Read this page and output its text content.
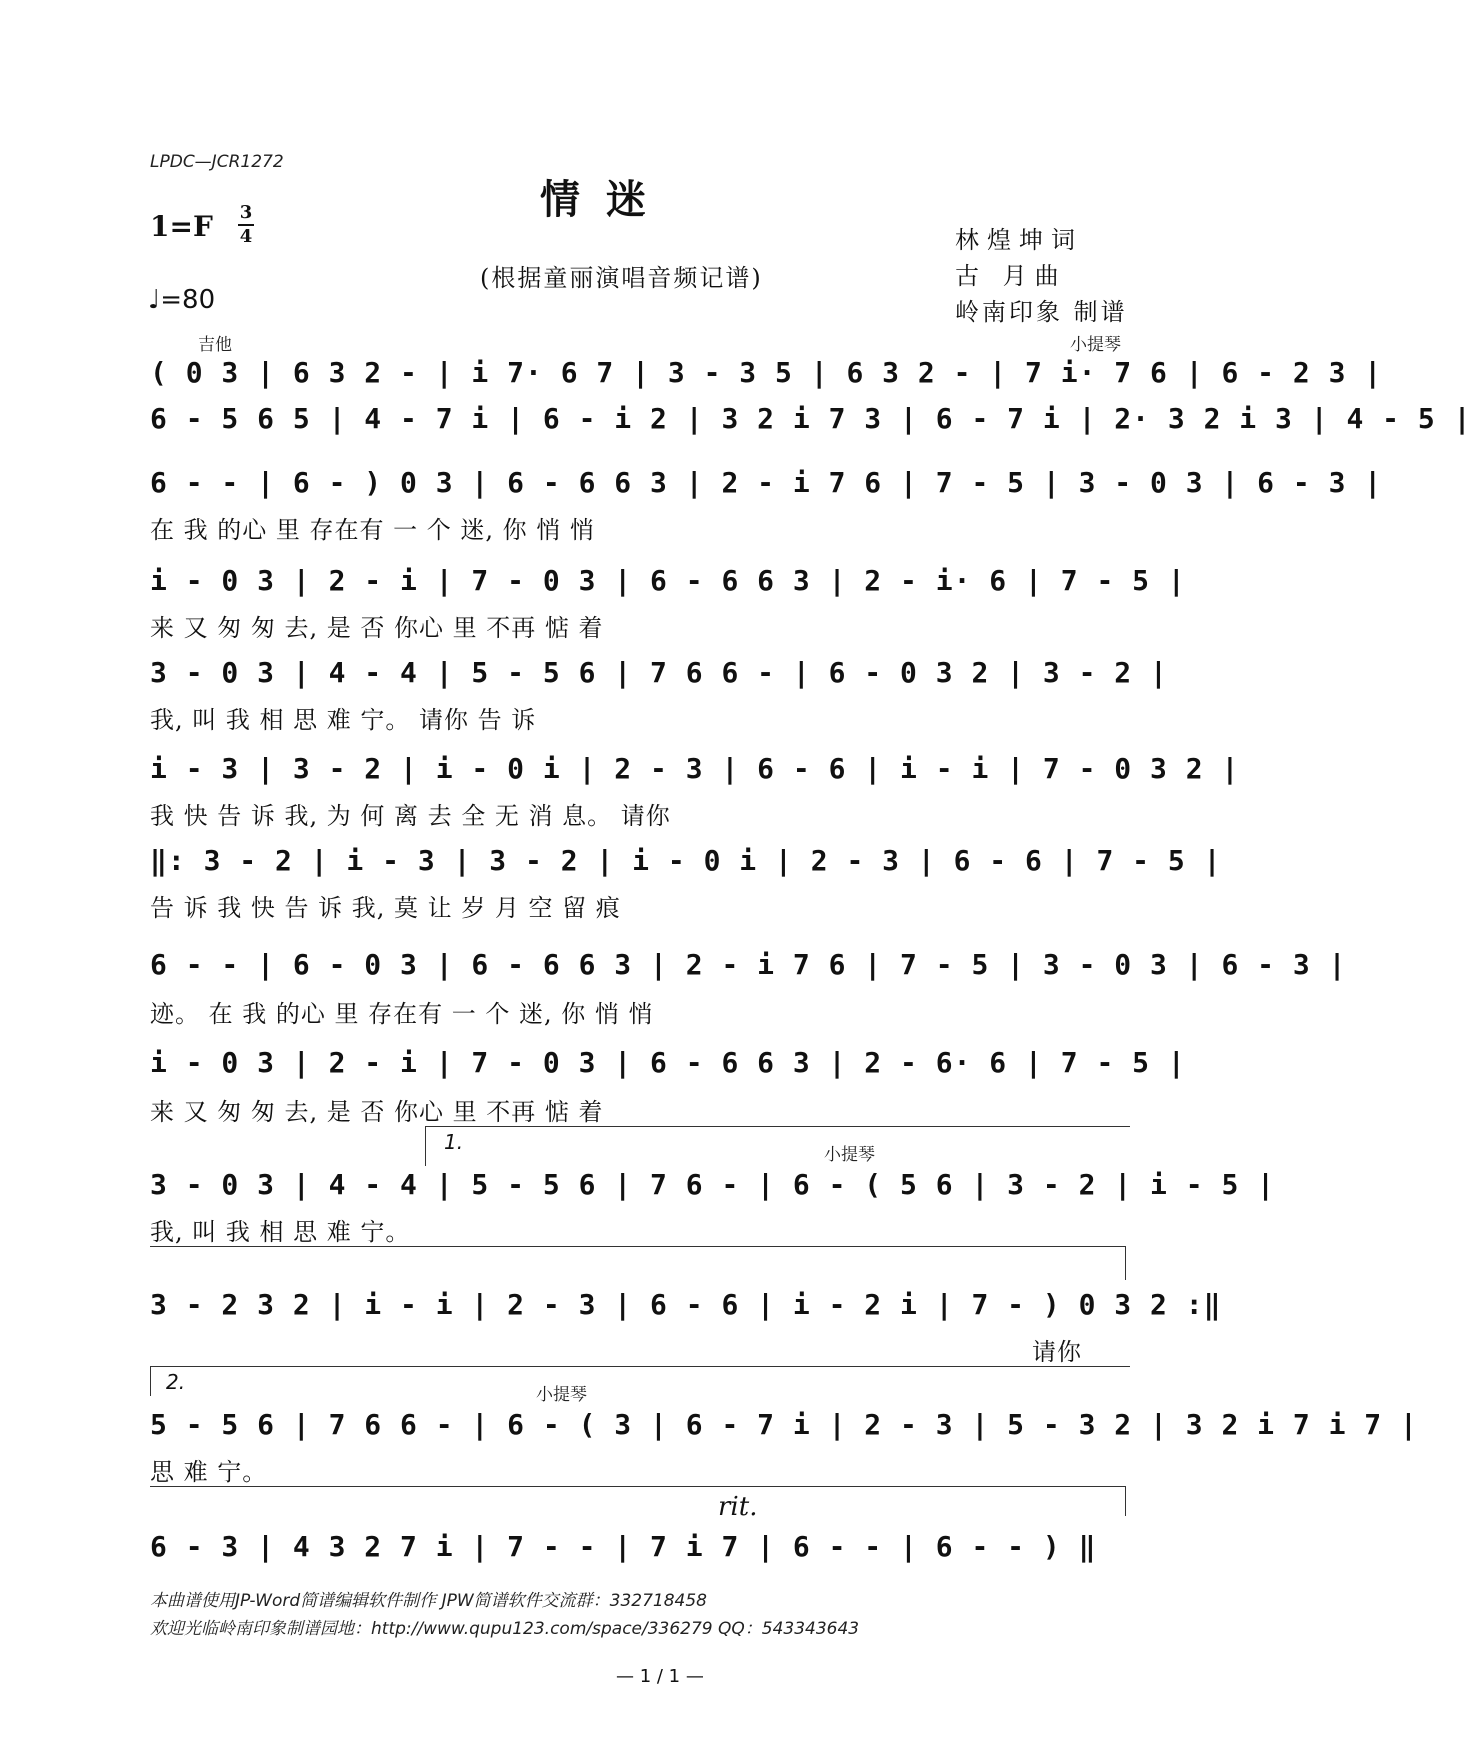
LPDC—JCR1272
情 迷
1=F 3
4
(根据童丽演唱音频记谱)
♩=80
林煌坤词
古 月曲
岭南印象 制谱
吉他	小提琴
( 0 3 | 6 3 2 - | i 7· 6 7 | 3 - 3 5 | 6 3 2 - | 7 i· 7 6 | 6 - 2 3 |
6 - 5 6 5 | 4 - 7 i | 6 - i 2 | 3 2 i 7 3 | 6 - 7 i | 2· 3 2 i 3 | 4 - 5 |
6 - - | 6 - ) 0 3 | 6 - 6 6 3 | 2 - i 7 6 | 7 - 5 | 3 - 0 3 | 6 - 3 |
在 我 的心 里 存在有 一 个 迷, 你 悄 悄
i - 0 3 | 2 - i | 7 - 0 3 | 6 - 6 6 3 | 2 - i· 6 | 7 - 5 |
来 又 匆 匆 去, 是 否 你心 里 不再 惦 着
3 - 0 3 | 4 - 4 | 5 - 5 6 | 7 6 6 - | 6 - 0 3 2 | 3 - 2 |
我, 叫 我 相 思 难 宁。 请你 告 诉
i - 3 | 3 - 2 | i - 0 i | 2 - 3 | 6 - 6 | i - i | 7 - 0 3 2 |
我 快 告 诉 我, 为 何 离 去 全 无 消 息。 请你
‖: 3 - 2 | i - 3 | 3 - 2 | i - 0 i | 2 - 3 | 6 - 6 | 7 - 5 |
告 诉 我 快 告 诉 我, 莫 让 岁 月 空 留 痕
6 - - | 6 - 0 3 | 6 - 6 6 3 | 2 - i 7 6 | 7 - 5 | 3 - 0 3 | 6 - 3 |
迹。 在 我 的心 里 存在有 一 个 迷, 你 悄 悄
i - 0 3 | 2 - i | 7 - 0 3 | 6 - 6 6 3 | 2 - 6· 6 | 7 - 5 |
来 又 匆 匆 去, 是 否 你心 里 不再 惦 着
1.
小提琴
3 - 0 3 | 4 - 4 | 5 - 5 6 | 7 6 - | 6 - ( 5 6 | 3 - 2 | i - 5 |
我, 叫 我 相 思 难 宁。
3 - 2 3 2 | i - i | 2 - 3 | 6 - 6 | i - 2 i | 7 - ) 0 3 2 :‖
请你
2.
小提琴
5 - 5 6 | 7 6 6 - | 6 - ( 3 | 6 - 7 i | 2 - 3 | 5 - 3 2 | 3 2 i 7 i 7 |
思 难 宁。
rit.
6 - 3 | 4 3 2 7 i | 7 - - | 7 i 7 | 6 - - | 6 - - ) ‖
本曲谱使用JP-Word简谱编辑软件制作 JPW简谱软件交流群：332718458
欢迎光临岭南印象制谱园地：http://www.qupu123.com/space/336279 QQ：543343643
— 1 / 1 —
